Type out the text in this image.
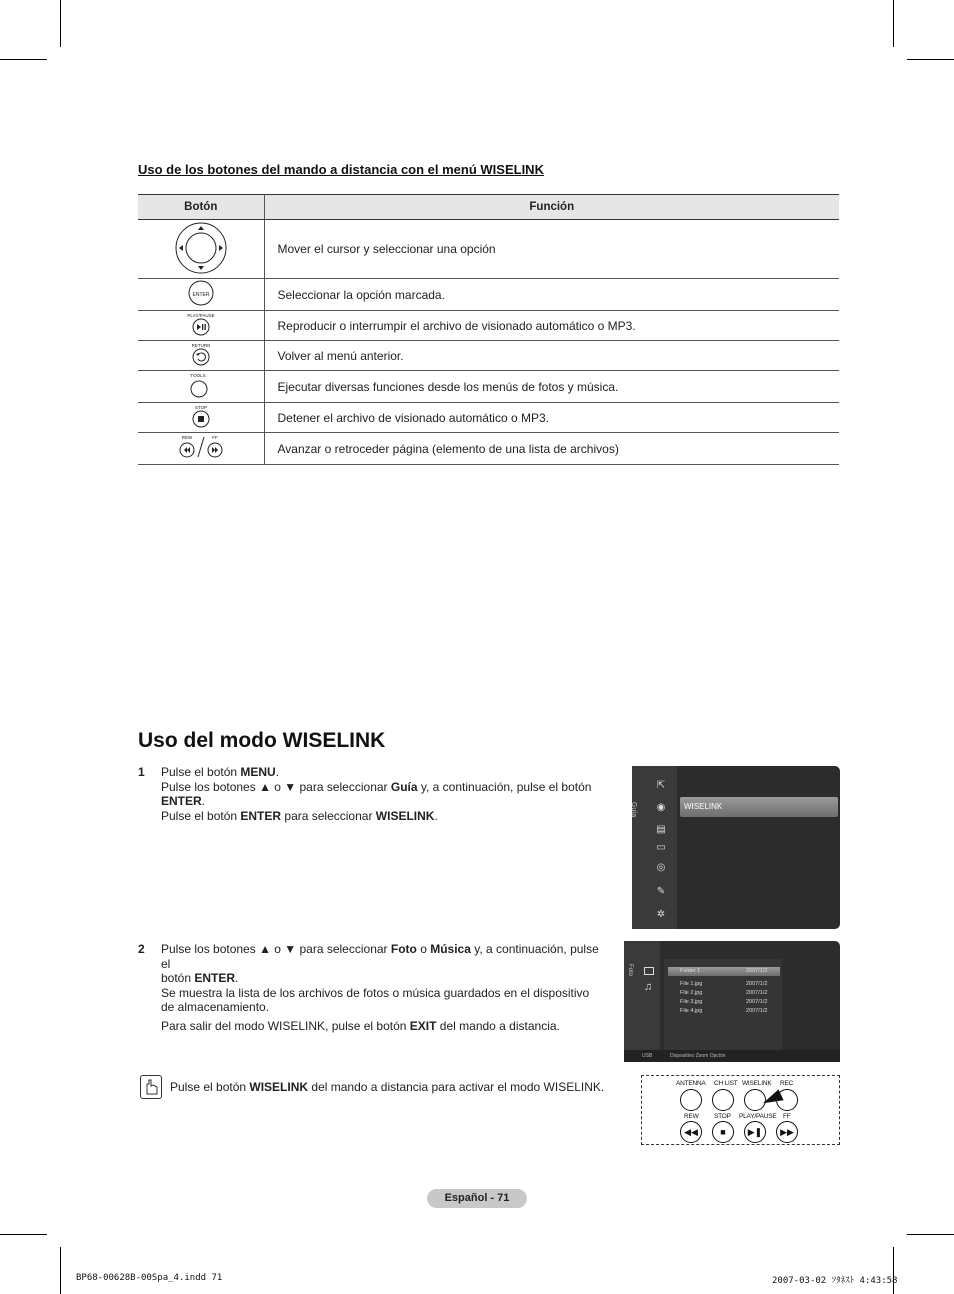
Uso de los botones del mando a distancia con el menú WISELINK
Botón	Función
	Mover el cursor y seleccionar una opción

ENTER	Seleccionar la opción marcada.

PLAY/PAUSE	Reproducir o interrumpir el archivo de visionado automático o MP3.

RETURN	Volver al menú anterior.

TOOLS	Ejecutar diversas funciones desde los menús de fotos y música.

STOP	Detener el archivo de visionado automático o MP3.

REW FF	Avanzar o retroceder página (elemento de una lista de archivos)
Uso del modo WISELINK
1 Pulse el botón MENU.
Pulse los botones ▲ o ▼ para seleccionar Guía y, a continuación, pulse el botón
ENTER.
Pulse el botón ENTER para seleccionar WISELINK.
2 Pulse los botones ▲ o ▼ para seleccionar Foto o Música y, a continuación, pulse el
botón ENTER.
Se muestra la lista de los archivos de fotos o música guardados en el dispositivo de almacenamiento.
Para salir del modo WISELINK, pulse el botón EXIT del mando a distancia.
Pulse el botón WISELINK del mando a distancia para activar el modo WISELINK.
Guía
⇱
◉
▤
▭
◎
✎
✲
WISELINK
Foto
♫
Folder 1	2007/1/2
File 1.jpg	2007/1/2
File 2.jpg	2007/1/2
File 3.jpg	2007/1/2
File 4.jpg	2007/1/2
USB	Dispositivo Zoom Opción
ANTENNA CH LIST WISELINK REC
REW STOP PLAY/PAUSE FF
◀◀	■	▶❚	▶▶
Español - 71
BP68-00628B-00Spa_4.indd 71	2007-03-02 ｿﾀﾈｽﾄ 4:43:58
